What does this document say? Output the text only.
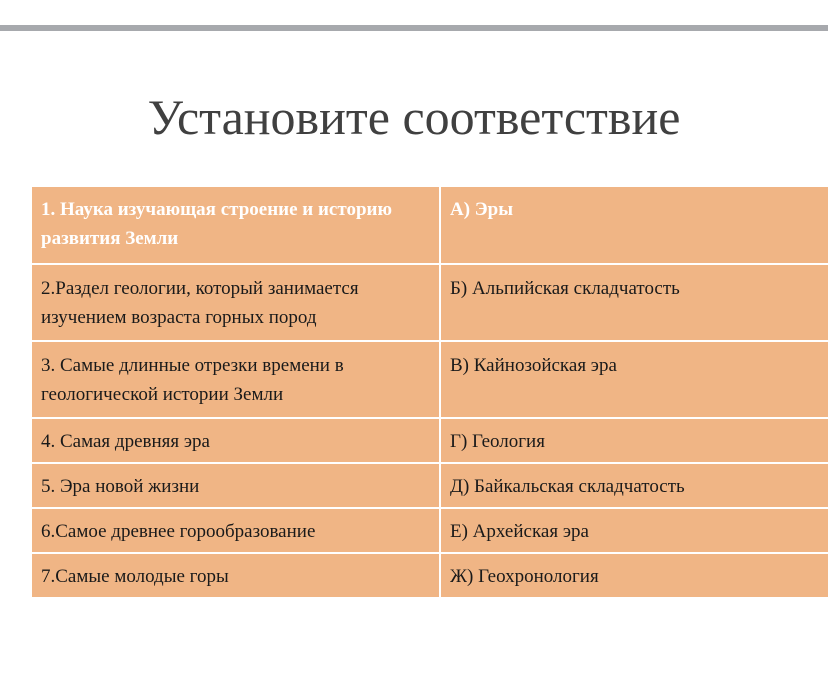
Установите соответствие
1. Наука изучающая строение и историю развития Земли	А) Эры
2.Раздел геологии, который занимается изучением возраста горных пород	Б) Альпийская складчатость
3. Самые длинные отрезки времени в геологической истории Земли	В) Кайнозойская эра
4. Самая древняя эра	Г) Геология
5. Эра новой жизни	Д) Байкальская складчатость
6.Самое древнее горообразование	Е) Архейская эра
7.Самые молодые горы	Ж) Геохронология
